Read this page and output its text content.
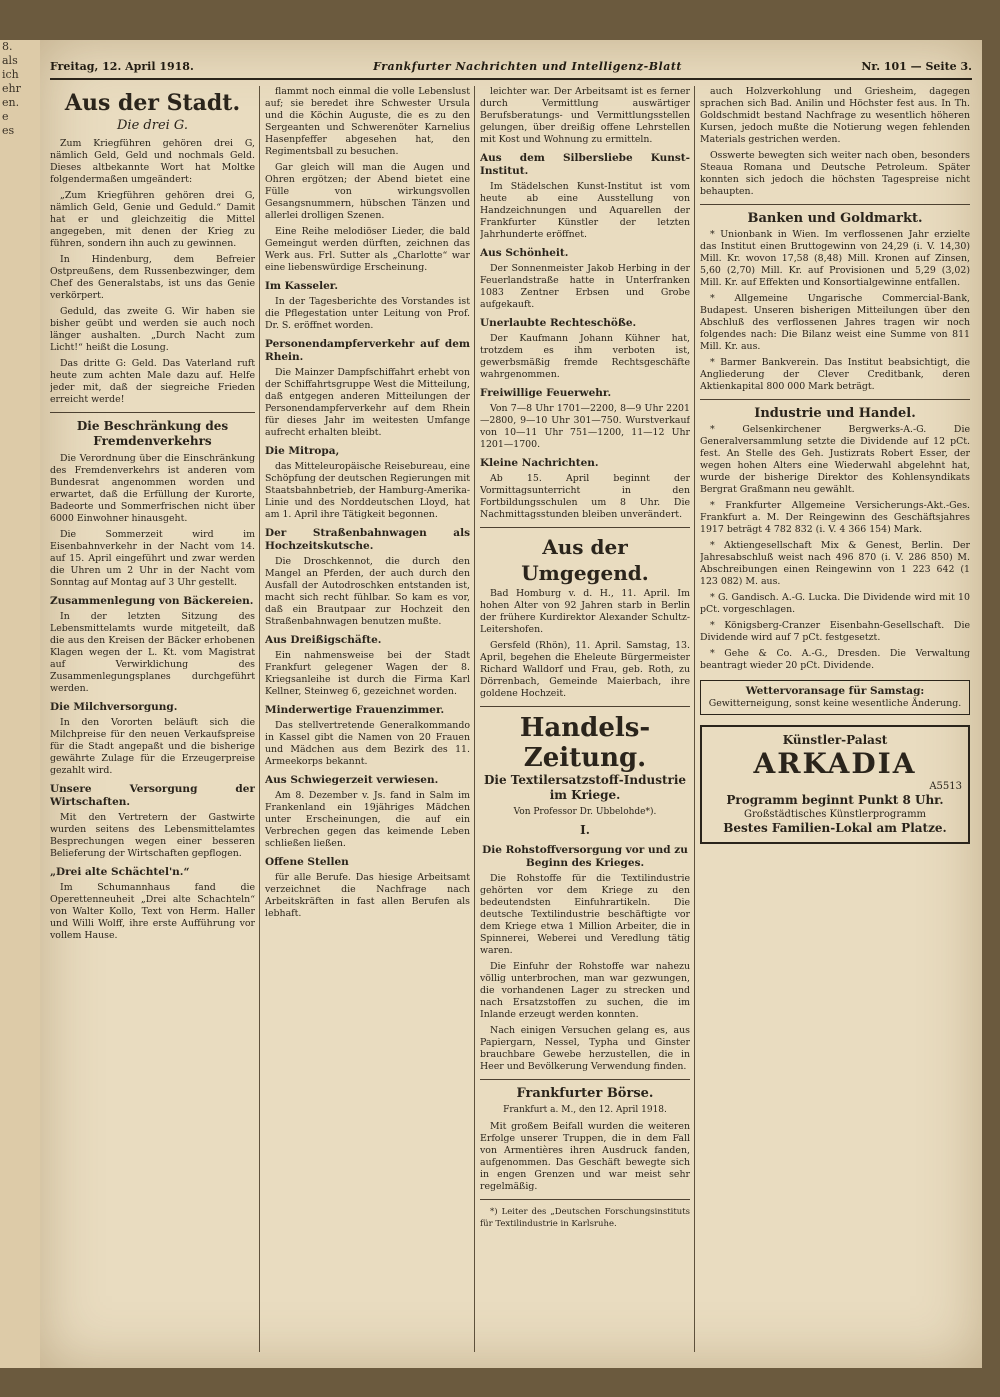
8.
als
ich
ehr
en.
e
es
Freitag, 12. April 1918.	Frankfurter Nachrichten und Intelligenz-Blatt	Nr. 101 — Seite 3.
Aus der Stadt.
Die drei G.

Zum Kriegführen gehören drei G, nämlich Geld, Geld und nochmals Geld. Dieses altbekannte Wort hat Moltke folgendermaßen umgeändert:

„Zum Kriegführen gehören drei G, nämlich Geld, Genie und Geduld.“ Damit hat er und gleichzeitig die Mittel angegeben, mit denen der Krieg zu führen, sondern ihn auch zu gewinnen.

In Hindenburg, dem Befreier Ostpreußens, dem Russenbezwinger, dem Chef des Generalstabs, ist uns das Genie verkörpert.

Geduld, das zweite G. Wir haben sie bisher geübt und werden sie auch noch länger aushalten. „Durch Nacht zum Licht!“ heißt die Losung.

Das dritte G: Geld. Das Vaterland ruft heute zum achten Male dazu auf. Helfe jeder mit, daß der siegreiche Frieden erreicht werde!

Die Beschränkung des Fremdenverkehrs

Die Verordnung über die Einschränkung des Fremdenverkehrs ist anderen vom Bundesrat angenommen worden und erwartet, daß die Erfüllung der Kurorte, Badeorte und Sommerfrischen nicht über 6000 Einwohner hinausgeht.

Die Sommerzeit wird im Eisenbahnverkehr in der Nacht vom 14. auf 15. April eingeführt und zwar werden die Uhren um 2 Uhr in der Nacht vom Sonntag auf Montag auf 3 Uhr gestellt.

Zusammenlegung von Bäckereien.

In der letzten Sitzung des Lebensmittelamts wurde mitgeteilt, daß die aus den Kreisen der Bäcker erhobenen Klagen wegen der L. Kt. vom Magistrat auf Verwirklichung des Zusammenlegungsplanes durchgeführt werden.

Die Milchversorgung.

In den Vororten beläuft sich die Milchpreise für den neuen Verkaufspreise für die Stadt angepaßt und die bisherige gewährte Zulage für die Erzeugerpreise gezahlt wird.

Unsere Versorgung der Wirtschaften.

Mit den Vertretern der Gastwirte wurden seitens des Lebensmittelamtes Besprechungen wegen einer besseren Belieferung der Wirtschaften gepflogen.

„Drei alte Schächtel'n.“

Im Schumannhaus fand die Operettenneuheit „Drei alte Schachteln“ von Walter Kollo, Text von Herm. Haller und Willi Wolff, ihre erste Aufführung vor vollem Hause.

flammt noch einmal die volle Lebenslust auf; sie beredet ihre Schwester Ursula und die Köchin Auguste, die es zu den Sergeanten und Schwerenöter Karnelius Hasenpfeffer abgesehen hat, den Regimentsball zu besuchen.

Gar gleich will man die Augen und Ohren ergötzen; der Abend bietet eine Fülle von wirkungsvollen Gesangsnummern, hübschen Tänzen und allerlei drolligen Szenen.

Eine Reihe melodiöser Lieder, die bald Gemeingut werden dürften, zeichnen das Werk aus. Frl. Sutter als „Charlotte“ war eine liebenswürdige Erscheinung.

Im Kasseler.

In der Tagesberichte des Vorstandes ist die Pflegestation unter Leitung von Prof. Dr. S. eröffnet worden.

Personendampferverkehr auf dem Rhein.

Die Mainzer Dampfschiffahrt erhebt von der Schiffahrtsgruppe West die Mitteilung, daß entgegen anderen Mitteilungen der Personendampferverkehr auf dem Rhein für dieses Jahr im weitesten Umfange aufrecht erhalten bleibt.

Die Mitropa,

das Mitteleuropäische Reisebureau, eine Schöpfung der deutschen Regierungen mit Staatsbahnbetrieb, der Hamburg-Amerika-Linie und des Norddeutschen Lloyd, hat am 1. April ihre Tätigkeit begonnen.

Der Straßenbahnwagen als Hochzeitskutsche.

Die Droschkennot, die durch den Mangel an Pferden, der auch durch den Ausfall der Autodroschken entstanden ist, macht sich recht fühlbar. So kam es vor, daß ein Brautpaar zur Hochzeit den Straßenbahnwagen benutzen mußte.

Aus Dreißigschäfte.

Ein nahmensweise bei der Stadt Frankfurt gelegener Wagen der 8. Kriegsanleihe ist durch die Firma Karl Kellner, Steinweg 6, gezeichnet worden.

Minderwertige Frauenzimmer.

Das stellvertretende Generalkommando in Kassel gibt die Namen von 20 Frauen und Mädchen aus dem Bezirk des 11. Armeekorps bekannt.

Aus Schwiegerzeit verwiesen.

Am 8. Dezember v. Js. fand in Salm im Frankenland ein 19jähriges Mädchen unter Erscheinungen, die auf ein Verbrechen gegen das keimende Leben schließen ließen.

Offene Stellen

für alle Berufe. Das hiesige Arbeitsamt verzeichnet die Nachfrage nach Arbeitskräften in fast allen Berufen als lebhaft.

leichter war. Der Arbeitsamt ist es ferner durch Vermittlung auswärtiger Berufsberatungs- und Vermittlungsstellen gelungen, über dreißig offene Lehrstellen mit Kost und Wohnung zu ermitteln.

Aus dem Silbersliebe Kunst-Institut.

Im Städelschen Kunst-Institut ist vom heute ab eine Ausstellung von Handzeichnungen und Aquarellen der Frankfurter Künstler der letzten Jahrhunderte eröffnet.

Aus Schönheit.

Der Sonnenmeister Jakob Herbing in der Feuerlandstraße hatte in Unterfranken 1083 Zentner Erbsen und Grobe aufgekauft.

Unerlaubte Rechteschöße.

Der Kaufmann Johann Kühner hat, trotzdem es ihm verboten ist, gewerbsmäßig fremde Rechtsgeschäfte wahrgenommen.

Freiwillige Feuerwehr.

Von 7—8 Uhr 1701—2200, 8—9 Uhr 2201—2800, 9—10 Uhr 301—750. Wurstverkauf von 10—11 Uhr 751—1200, 11—12 Uhr 1201—1700.

Kleine Nachrichten.

Ab 15. April beginnt der Vormittagsunterricht in den Fortbildungsschulen um 8 Uhr. Die Nachmittagsstunden bleiben unverändert.

Aus der Umgegend.

Bad Homburg v. d. H., 11. April. Im hohen Alter von 92 Jahren starb in Berlin der frühere Kurdirektor Alexander Schultz-Leitershofen.

Gersfeld (Rhön), 11. April. Samstag, 13. April, begehen die Eheleute Bürgermeister Richard Walldorf und Frau, geb. Roth, zu Dörrenbach, Gemeinde Maierbach, ihre goldene Hochzeit.

Handels-Zeitung.
Die Textilersatzstoff-Industrie im Kriege.
Von Professor Dr. Ubbelohde*).
I.
Die Rohstoffversorgung vor und zu Beginn des Krieges.

Die Rohstoffe für die Textilindustrie gehörten vor dem Kriege zu den bedeutendsten Einfuhrartikeln. Die deutsche Textilindustrie beschäftigte vor dem Kriege etwa 1 Million Arbeiter, die in Spinnerei, Weberei und Veredlung tätig waren.

Die Einfuhr der Rohstoffe war nahezu völlig unterbrochen, man war gezwungen, die vorhandenen Lager zu strecken und nach Ersatzstoffen zu suchen, die im Inlande erzeugt werden konnten.

Nach einigen Versuchen gelang es, aus Papiergarn, Nessel, Typha und Ginster brauchbare Gewebe herzustellen, die in Heer und Bevölkerung Verwendung finden.

Frankfurter Börse.
Frankfurt a. M., den 12. April 1918.

Mit großem Beifall wurden die weiteren Erfolge unserer Truppen, die in dem Fall von Armentières ihren Ausdruck fanden, aufgenommen. Das Geschäft bewegte sich in engen Grenzen und war meist sehr regelmäßig.

*) Leiter des „Deutschen Forschungsinstituts für Textilindustrie in Karlsruhe.

auch Holzverkohlung und Griesheim, dagegen sprachen sich Bad. Anilin und Höchster fest aus. In Th. Goldschmidt bestand Nachfrage zu wesentlich höheren Kursen, jedoch mußte die Notierung wegen fehlenden Materials gestrichen werden.

Osswerte bewegten sich weiter nach oben, besonders Steaua Romana und Deutsche Petroleum. Später konnten sich jedoch die höchsten Tagespreise nicht behaupten.

Banken und Goldmarkt.

* Unionbank in Wien. Im verflossenen Jahr erzielte das Institut einen Bruttogewinn von 24,29 (i. V. 14,30) Mill. Kr. wovon 17,58 (8,48) Mill. Kronen auf Zinsen, 5,60 (2,70) Mill. Kr. auf Provisionen und 5,29 (3,02) Mill. Kr. auf Effekten und Konsortialgewinne entfallen.

* Allgemeine Ungarische Commercial-Bank, Budapest. Unseren bisherigen Mitteilungen über den Abschluß des verflossenen Jahres tragen wir noch folgendes nach: Die Bilanz weist eine Summe von 811 Mill. Kr. aus.

* Barmer Bankverein. Das Institut beabsichtigt, die Angliederung der Clever Creditbank, deren Aktienkapital 800 000 Mark beträgt.

Industrie und Handel.

* Gelsenkirchener Bergwerks-A.-G. Die Generalversammlung setzte die Dividende auf 12 pCt. fest. An Stelle des Geh. Justizrats Robert Esser, der wegen hohen Alters eine Wiederwahl abgelehnt hat, wurde der bisherige Direktor des Kohlensyndikats Bergrat Graßmann neu gewählt.

* Frankfurter Allgemeine Versicherungs-Akt.-Ges. Frankfurt a. M. Der Reingewinn des Geschäftsjahres 1917 beträgt 4 782 832 (i. V. 4 366 154) Mark.

* Aktiengesellschaft Mix & Genest, Berlin. Der Jahresabschluß weist nach 496 870 (i. V. 286 850) M. Abschreibungen einen Reingewinn von 1 223 642 (1 123 082) M. aus.

* G. Gandisch. A.-G. Lucka. Die Dividende wird mit 10 pCt. vorgeschlagen.

* Königsberg-Cranzer Eisenbahn-Gesellschaft. Die Dividende wird auf 7 pCt. festgesetzt.

* Gehe & Co. A.-G., Dresden. Die Verwaltung beantragt wieder 20 pCt. Dividende.

Wettervoransage für Samstag:
Gewitterneigung, sonst keine wesentliche Änderung.
Künstler-Palast
ARKADIA
A5513
Programm beginnt Punkt 8 Uhr.
Großstädtisches Künstlerprogramm
Bestes Familien-Lokal am Platze.
